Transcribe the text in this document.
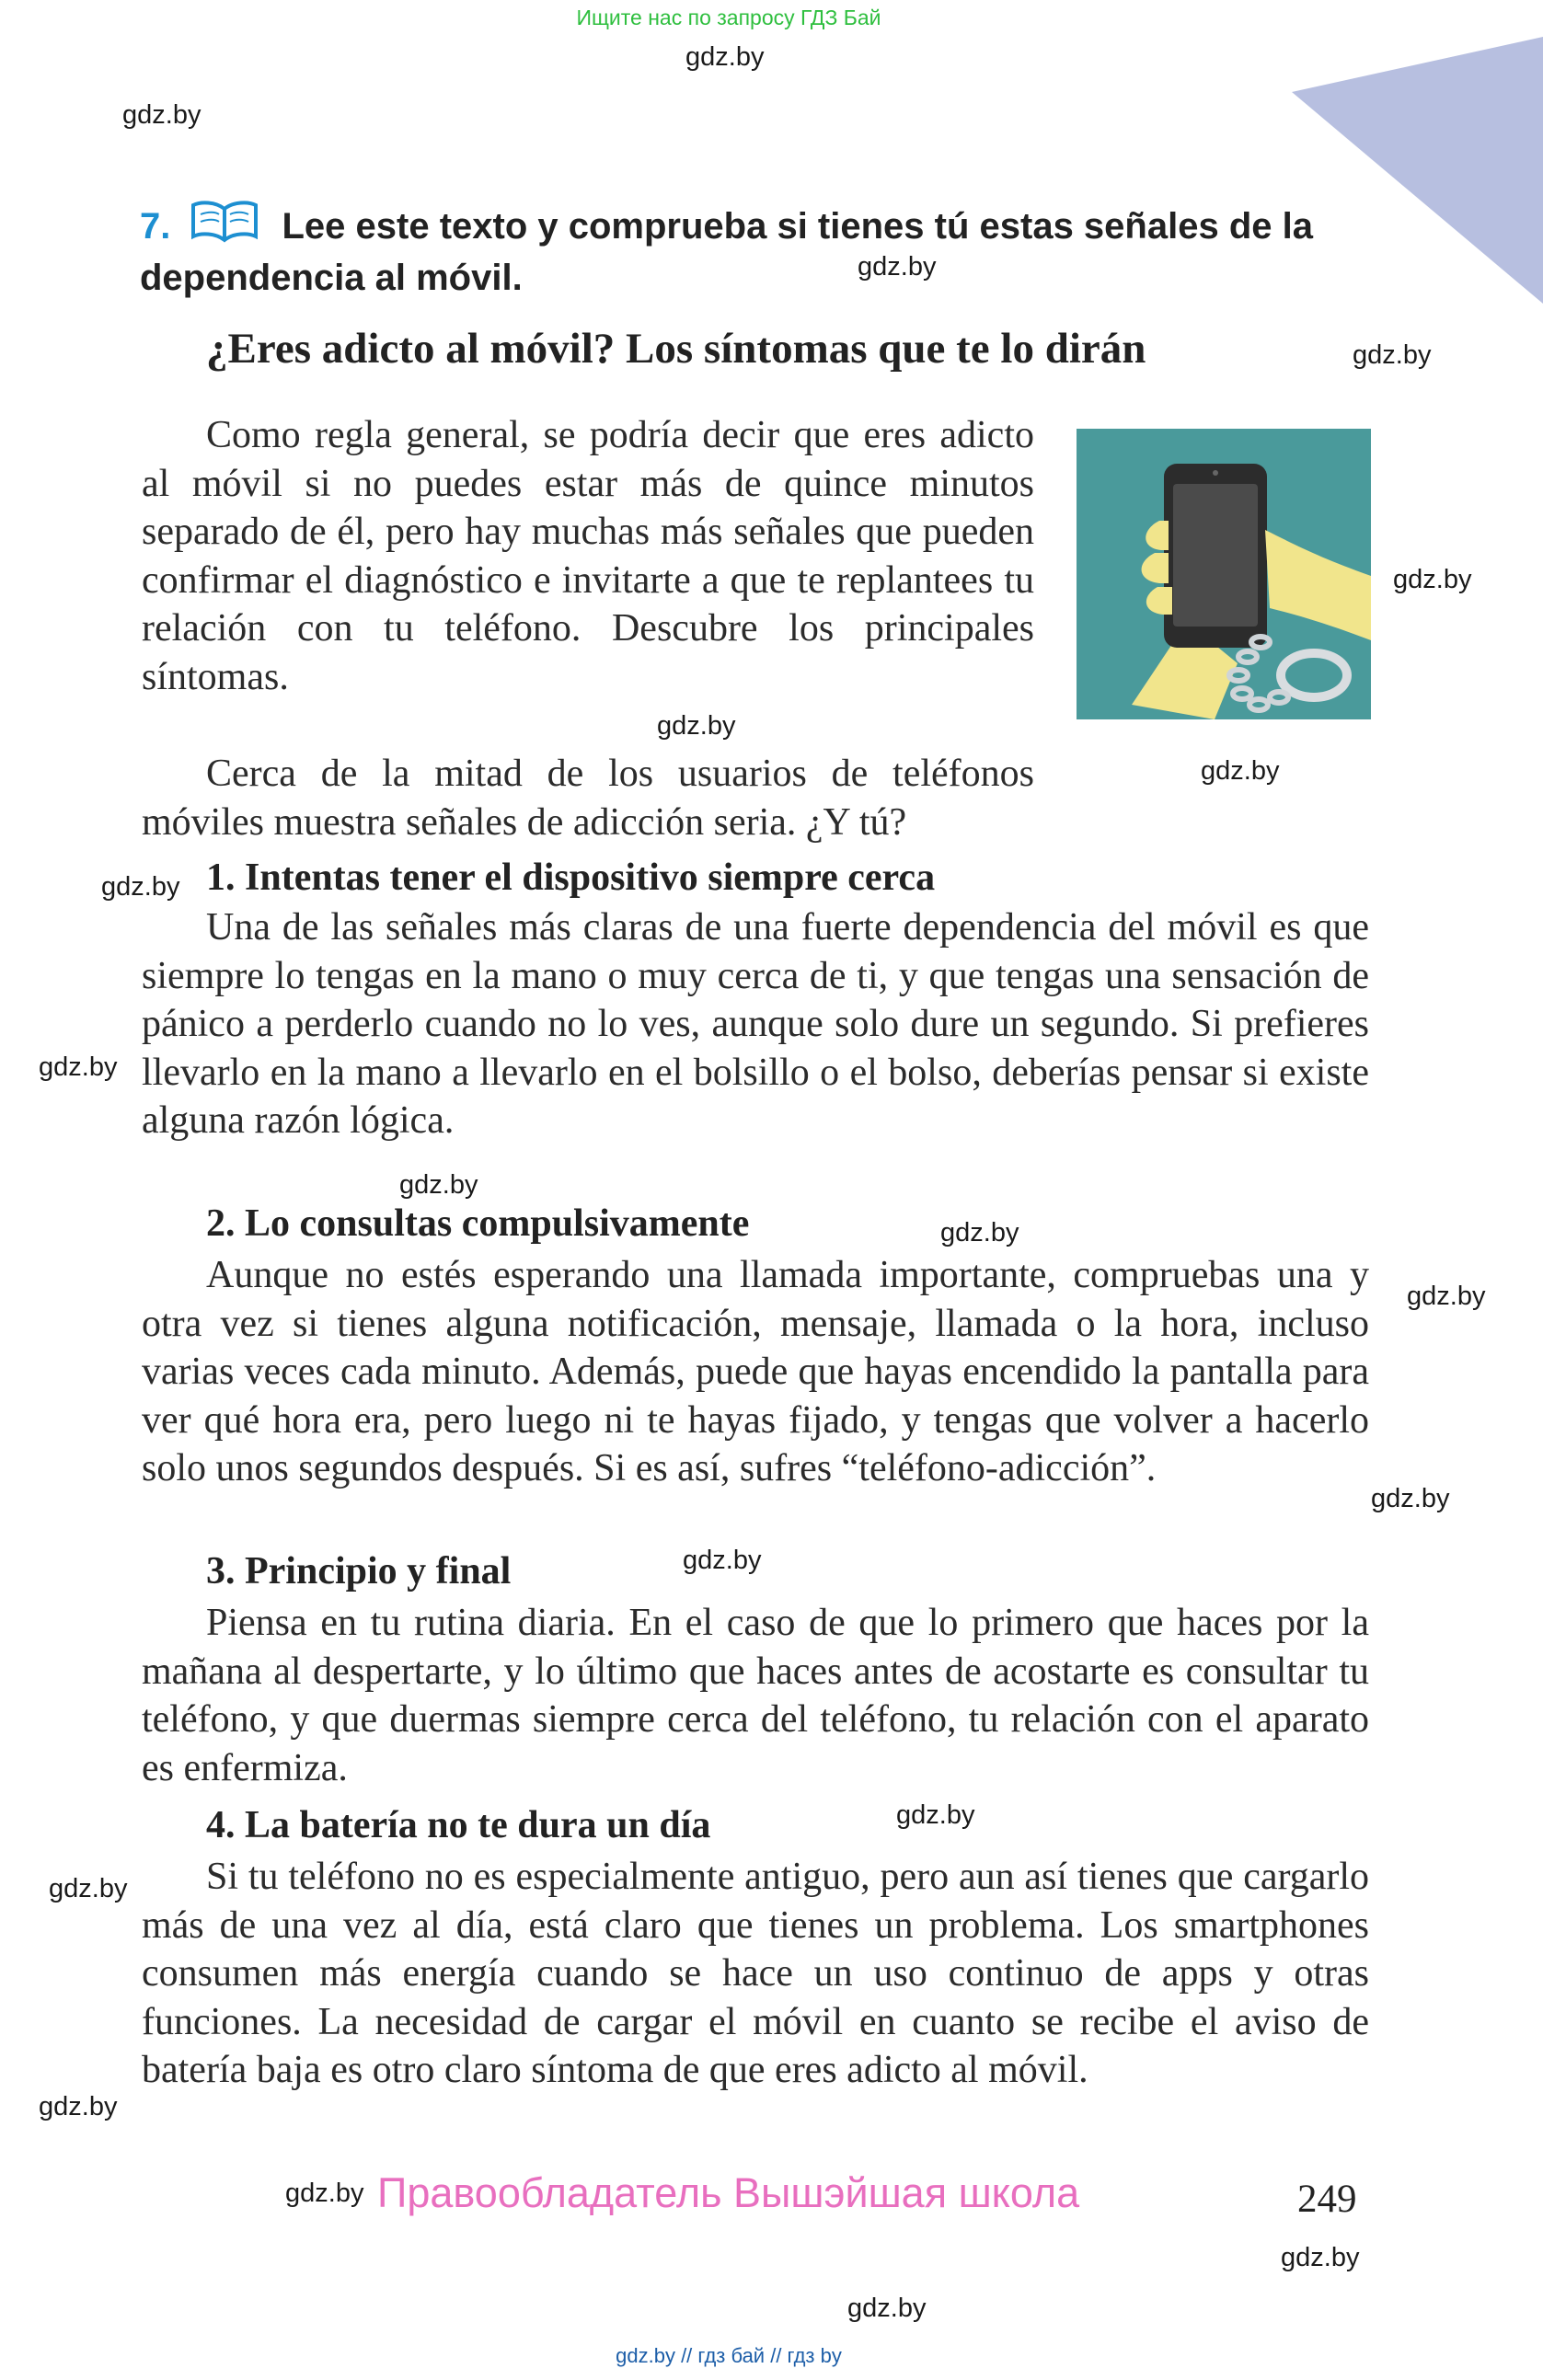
Ищите нас по запросу ГДЗ Бай
gdz.by
gdz.by
gdz.by
gdz.by
gdz.by
gdz.by
gdz.by
gdz.by
gdz.by
gdz.by
gdz.by
gdz.by
gdz.by
gdz.by
gdz.by
gdz.by
gdz.by
gdz.by
gdz.by
gdz.by
7.	Lee este texto y comprueba si tienes tú estas señales de la dependencia al móvil.
¿Eres adicto al móvil? Los síntomas que te lo dirán

Como regla general, se podría decir que eres adicto al móvil si no puedes estar más de quince minutos separado de él, pero hay muchas más señales que pueden confirmar el diagnóstico e invitarte a que te replantees tu relación con tu teléfono. Descubre los principales síntomas.

Cerca de la mitad de los usuarios de teléfonos móviles muestra señales de adicción seria. ¿Y tú?

1. Intentas tener el dispositivo siempre cerca
Una de las señales más claras de una fuerte dependencia del móvil es que siempre lo tengas en la mano o muy cerca de ti, y que tengas una sensación de pánico a perderlo cuando no lo ves, aunque solo dure un segundo. Si prefieres llevarlo en la mano a llevarlo en el bolsillo o el bolso, deberías pensar si existe alguna razón lógica.
2. Lo consultas compulsivamente
Aunque no estés esperando una llamada importante, compruebas una y otra vez si tienes alguna notificación, mensaje, llamada o la hora, incluso varias veces cada minuto. Además, puede que hayas encendido la pantalla para ver qué hora era, pero luego ni te hayas fijado, y tengas que volver a hacerlo solo unos segundos después. Si es así, sufres “teléfono-adicción”.
3. Principio y final
Piensa en tu rutina diaria. En el caso de que lo primero que haces por la mañana al despertarte, y lo último que haces antes de acostarte es consultar tu teléfono, y que duermas siempre cerca del teléfono, tu relación con el aparato es enfermiza.
4. La batería no te dura un día
Si tu teléfono no es especialmente antiguo, pero aun así tienes que cargarlo más de una vez al día, está claro que tienes un problema. Los smartphones consumen más energía cuando se hace un uso continuo de apps y otras funciones. La necesidad de cargar el móvil en cuanto se recibe el aviso de batería baja es otro claro síntoma de que eres adicto al móvil.
Правообладатель Вышэйшая школа	249
gdz.by // гдз бай // гдз by
